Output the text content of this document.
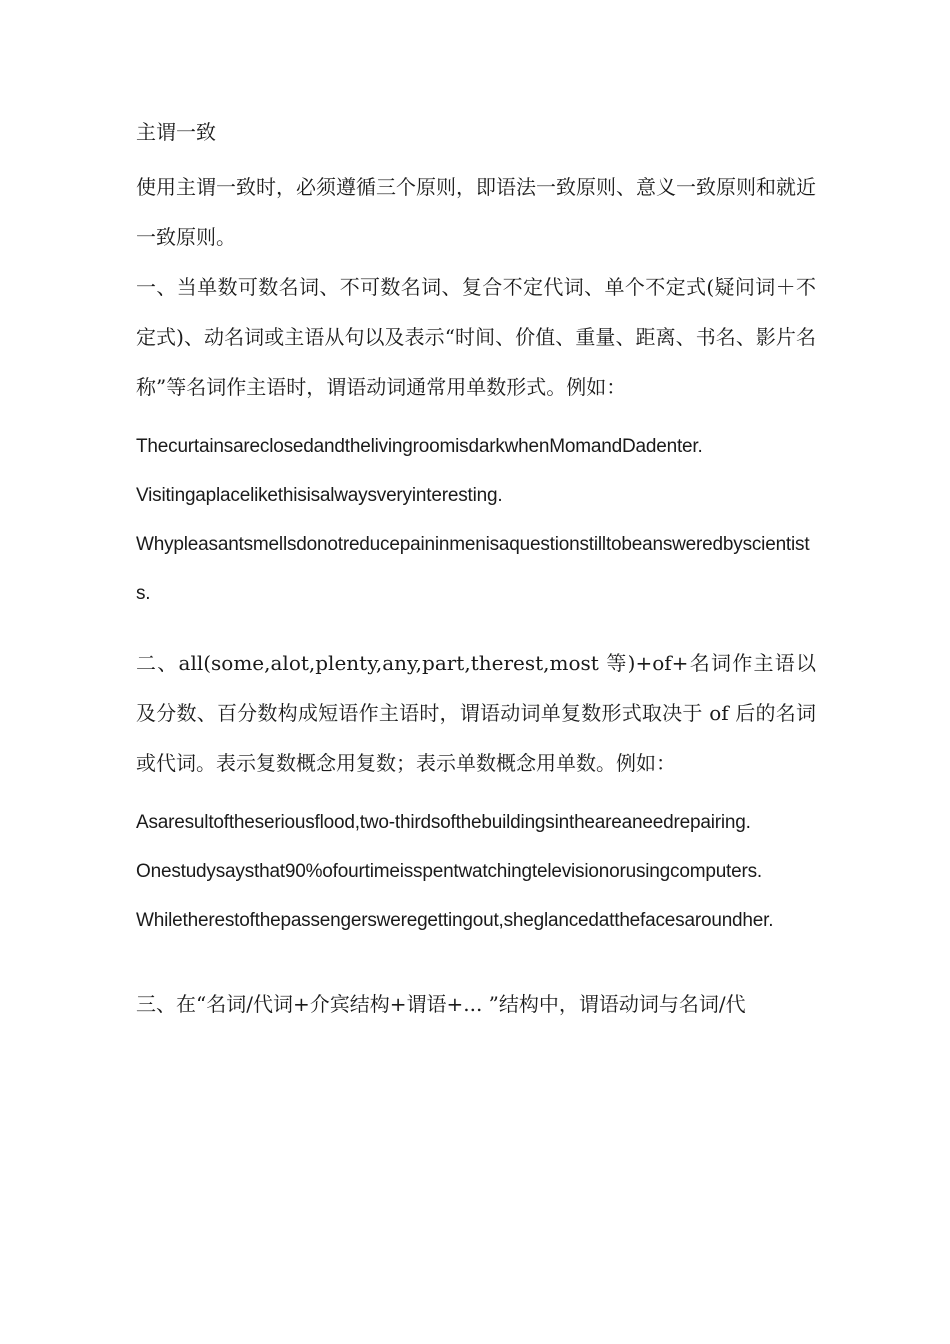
主谓一致

使用主谓一致时，必须遵循三个原则，即语法一致原则、意义一致原则和就近一致原则。

一、当单数可数名词、不可数名词、复合不定代词、单个不定式(疑问词＋不定式)、动名词或主语从句以及表示“时间、价值、重量、距离、书名、影片名称”等名词作主语时，谓语动词通常用单数形式。例如：

ThecurtainsareclosedandthelivingroomisdarkwhenMomandDadenter.

Visitingaplacelikethisisalwaysveryinteresting.

Whypleasantsmellsdonotreducepaininmenisaquestionstilltobeansweredbyscientists.

二、all(some,alot,plenty,any,part,therest,most 等)+of+名词作主语以及分数、百分数构成短语作主语时，谓语动词单复数形式取决于 of 后的名词或代词。表示复数概念用复数；表示单数概念用单数。例如：

Asaresultoftheseriousflood,two-thirdsofthebuildingsintheareaneedrepairing.

Onestudysaysthat90%ofourtimeisspentwatchingtelevisionorusingcomputers.

Whiletherestofthepassengersweregettingout,sheglancedatthefacesaroundher.

三、在“名词/代词+介宾结构+谓语+... ”结构中，谓语动词与名词/代
